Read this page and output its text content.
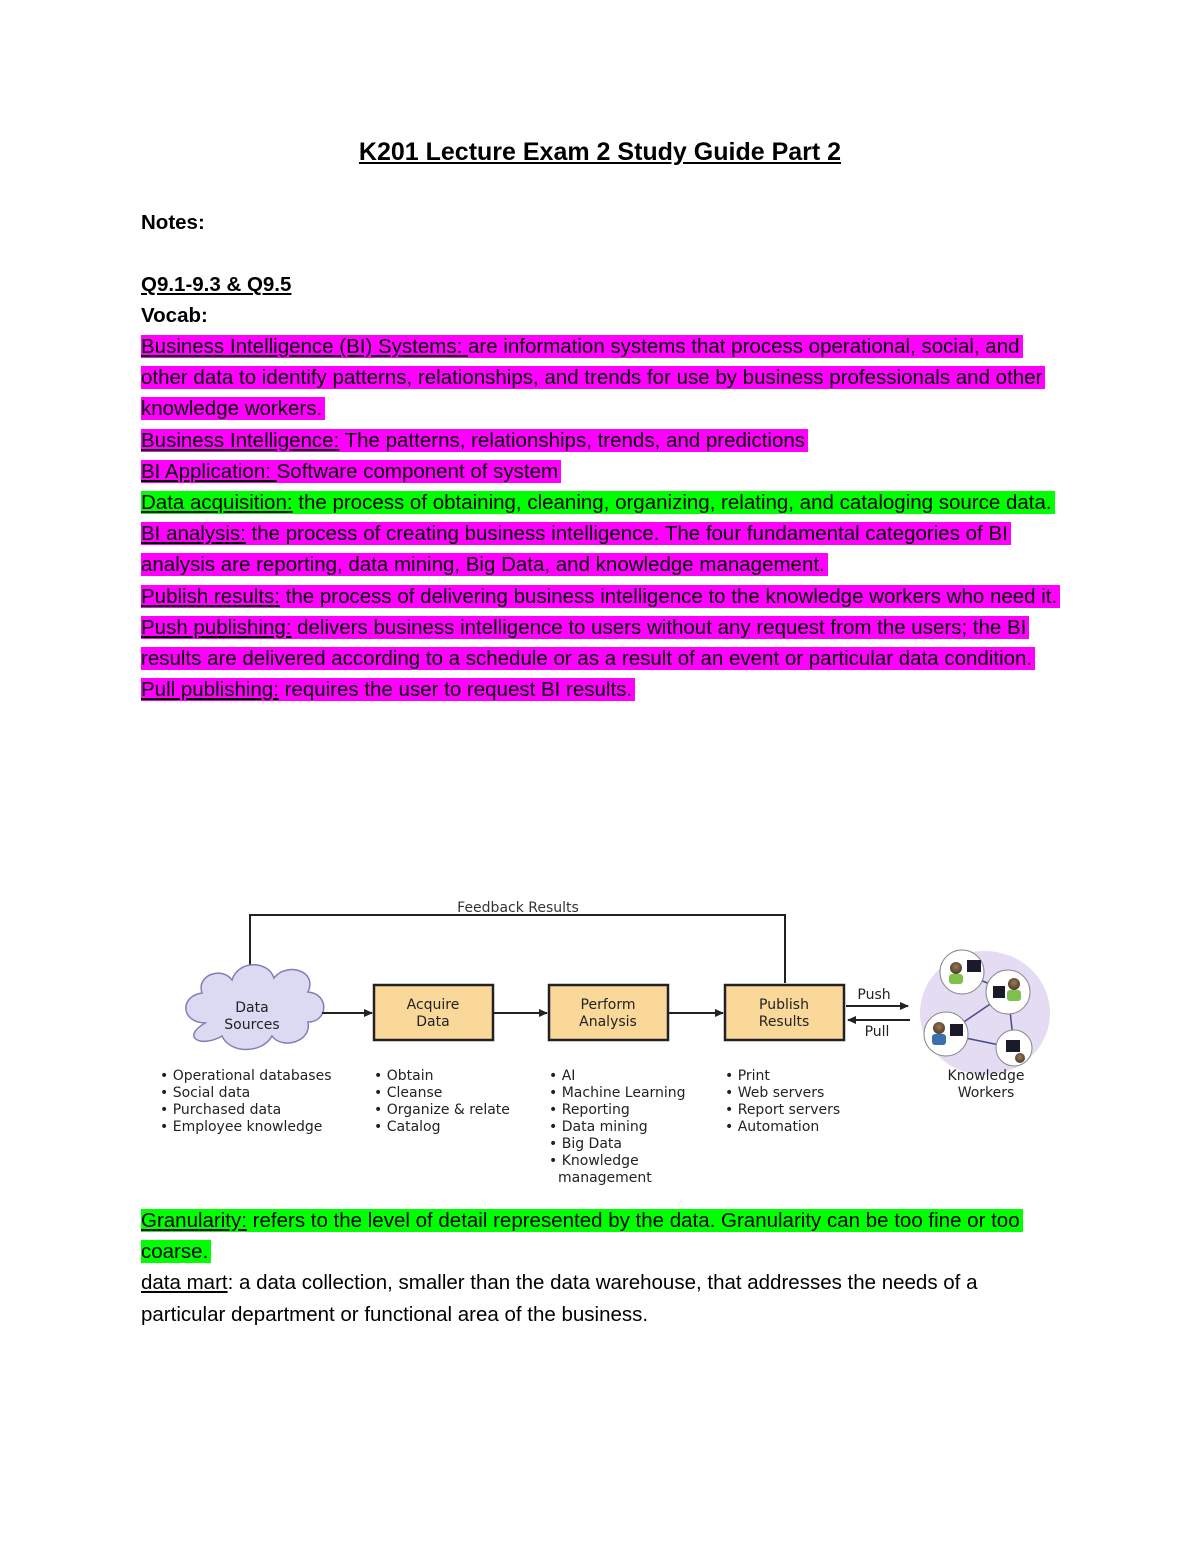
K201 Lecture Exam 2 Study Guide Part 2
Notes:
Q9.1-9.3 & Q9.5
Vocab:

Business Intelligence (BI) Systems: are information systems that process operational, social, and other data to identify patterns, relationships, and trends for use by business professionals and other knowledge workers.

Business Intelligence: The patterns, relationships, trends, and predictions

BI Application: Software component of system

Data acquisition: the process of obtaining, cleaning, organizing, relating, and cataloging source data.

BI analysis: the process of creating business intelligence. The four fundamental categories of BI analysis are reporting, data mining, Big Data, and knowledge management.

Publish results: the process of delivering business intelligence to the knowledge workers who need it.

Push publishing: delivers business intelligence to users without any request from the users; the BI results are delivered according to a schedule or as a result of an event or particular data condition.

Pull publishing: requires the user to request BI results.

Feedback Results
Data
Sources
Acquire
Data
Perform
Analysis
Publish
Results
Push
Pull
Knowledge
Workers
• Operational databases
• Social data
• Purchased data
• Employee knowledge
• Obtain
• Cleanse
• Organize & relate
• Catalog
• AI
• Machine Learning
• Reporting
• Data mining
• Big Data
• Knowledge
management
• Print
• Web servers
• Report servers
• Automation

Granularity: refers to the level of detail represented by the data. Granularity can be too fine or too coarse.

data mart: a data collection, smaller than the data warehouse, that addresses the needs of a particular department or functional area of the business.
